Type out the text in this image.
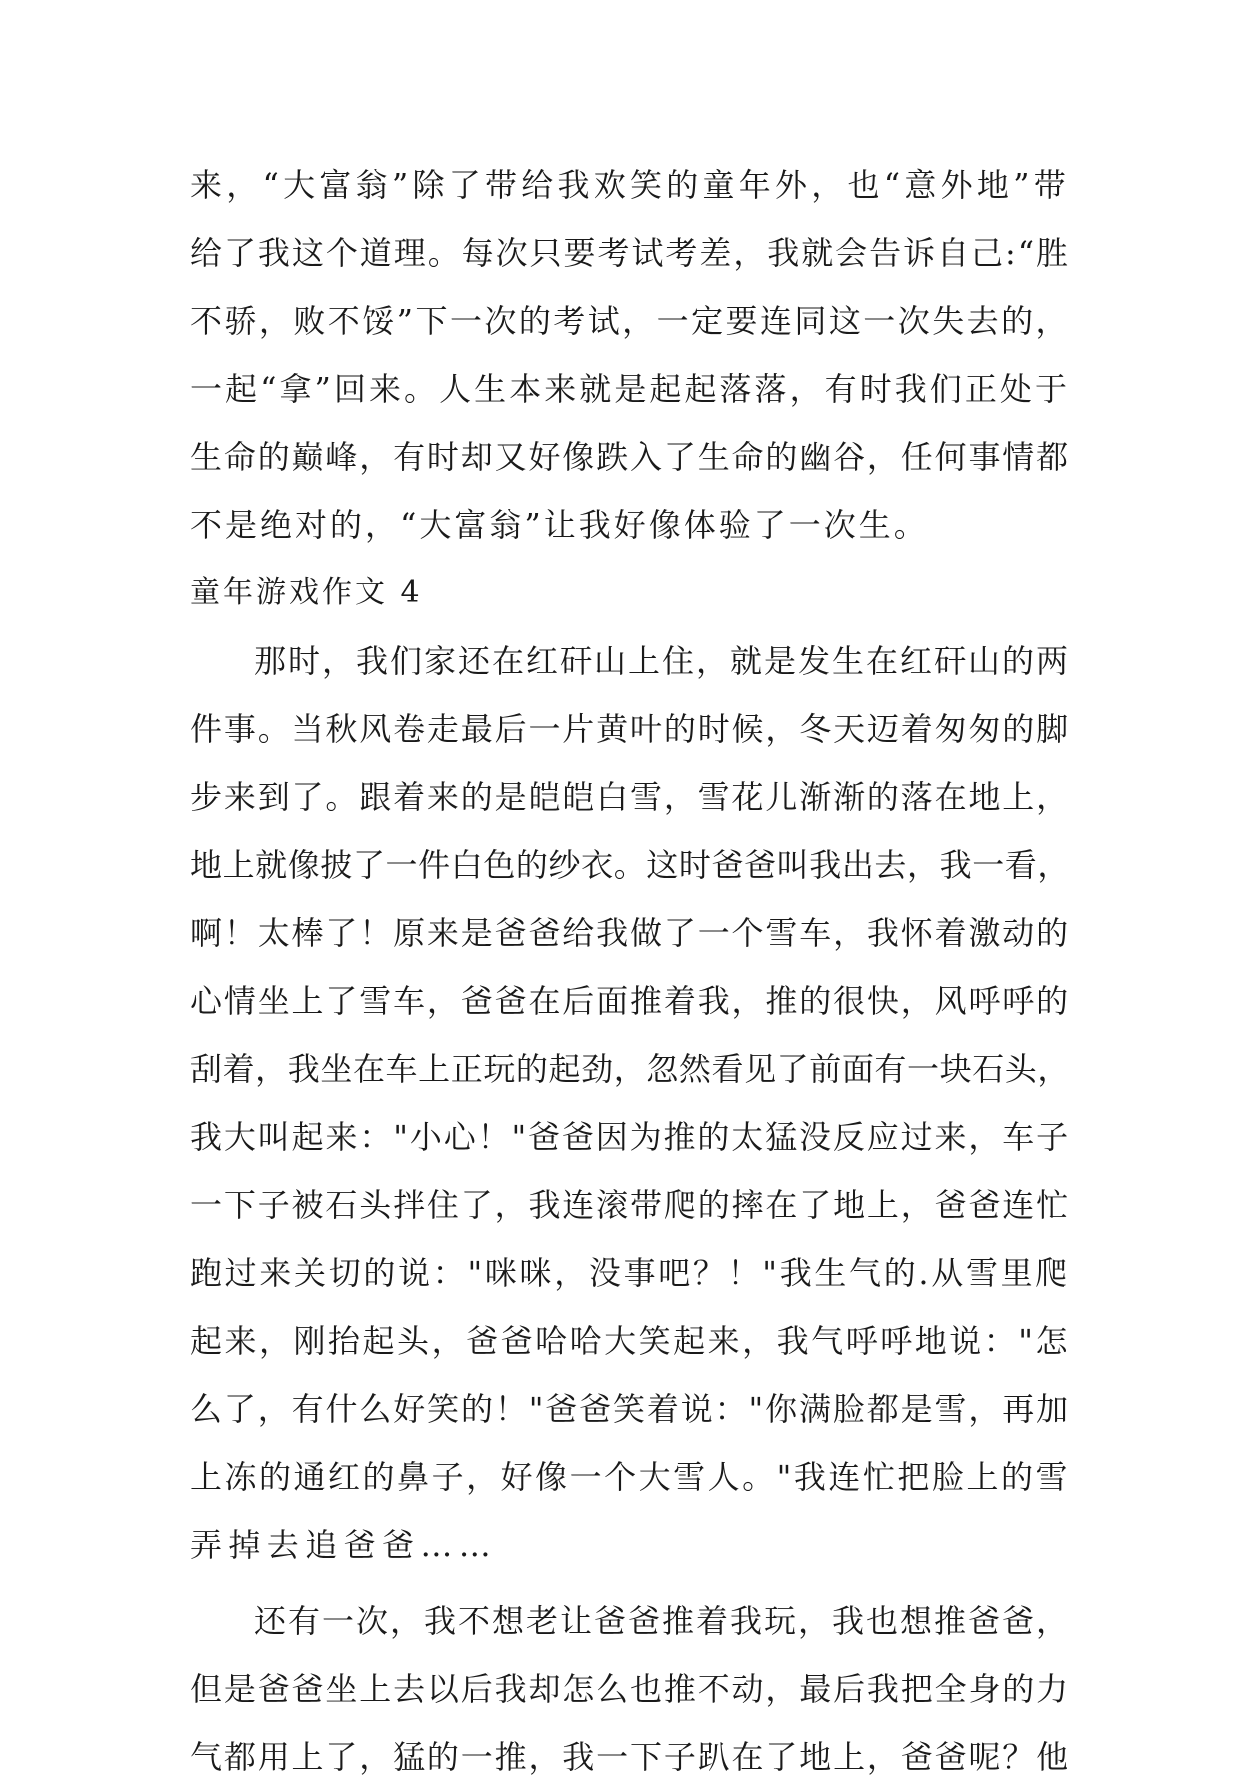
来，“大富翁”除了带给我欢笑的童年外，也“意外地”带
给了我这个道理。每次只要考试考差，我就会告诉自己:“胜
不骄，败不馁”下一次的考试，一定要连同这一次失去的，
一起“拿”回来。人生本来就是起起落落，有时我们正处于
生命的巅峰，有时却又好像跌入了生命的幽谷，任何事情都
不是绝对的，“大富翁”让我好像体验了一次生。
童年游戏作文 4
那时，我们家还在红矸山上住，就是发生在红矸山的两
件事。当秋风卷走最后一片黄叶的时候，冬天迈着匆匆的脚
步来到了。跟着来的是皑皑白雪，雪花儿渐渐的落在地上，
地上就像披了一件白色的纱衣。这时爸爸叫我出去，我一看，
啊！太棒了！原来是爸爸给我做了一个雪车，我怀着激动的
心情坐上了雪车，爸爸在后面推着我，推的很快，风呼呼的
刮着，我坐在车上正玩的起劲，忽然看见了前面有一块石头，
我大叫起来："小心！"爸爸因为推的太猛没反应过来，车子
一下子被石头拌住了，我连滚带爬的摔在了地上，爸爸连忙
跑过来关切的说："咪咪，没事吧？！"我生气的.从雪里爬
起来，刚抬起头，爸爸哈哈大笑起来，我气呼呼地说："怎
么了，有什么好笑的！"爸爸笑着说："你满脸都是雪，再加
上冻的通红的鼻子，好像一个大雪人。"我连忙把脸上的雪
弄掉去追爸爸……
还有一次，我不想老让爸爸推着我玩，我也想推爸爸，
但是爸爸坐上去以后我却怎么也推不动，最后我把全身的力
气都用上了，猛的一推，我一下子趴在了地上，爸爸呢？他
